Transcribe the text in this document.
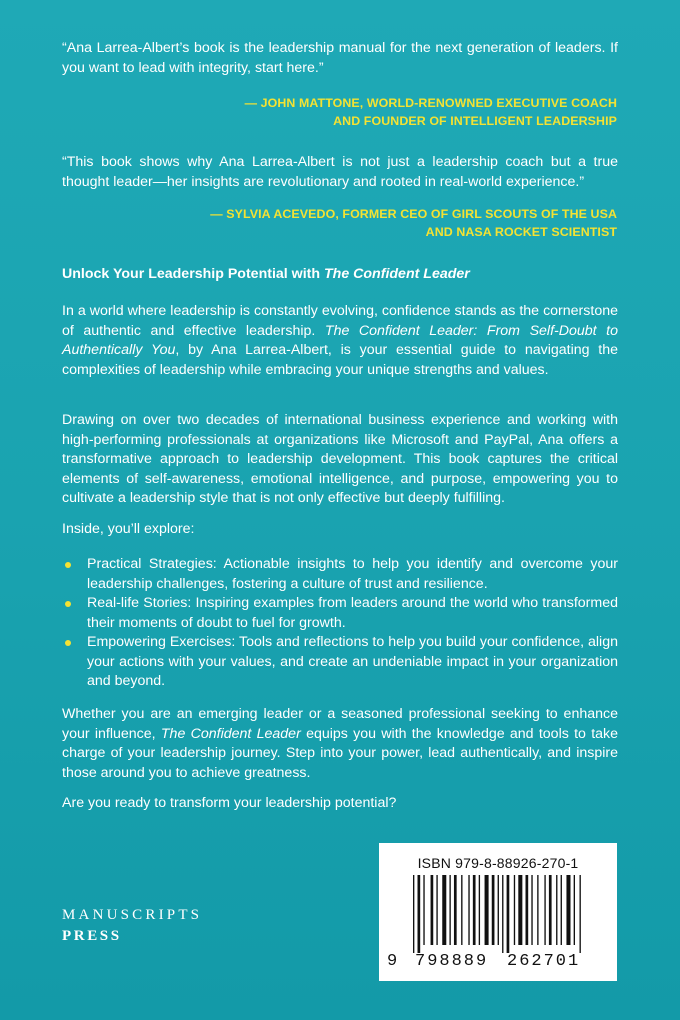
“Ana Larrea-Albert’s book is the leadership manual for the next generation of leaders. If you want to lead with integrity, start here.”
— JOHN MATTONE, WORLD-RENOWNED EXECUTIVE COACH
AND FOUNDER OF INTELLIGENT LEADERSHIP
“This book shows why Ana Larrea-Albert is not just a leadership coach but a true thought leader—her insights are revolutionary and rooted in real-world experience.”
— SYLVIA ACEVEDO, FORMER CEO OF GIRL SCOUTS OF THE USA
AND NASA ROCKET SCIENTIST
Unlock Your Leadership Potential with The Confident Leader

In a world where leadership is constantly evolving, confidence stands as the cornerstone of authentic and effective leadership. The Confident Leader: From Self-Doubt to Authentically You, by Ana Larrea-Albert, is your essential guide to navigating the complexities of leadership while embracing your unique strengths and values.

Drawing on over two decades of international business experience and working with high-performing professionals at organizations like Microsoft and PayPal, Ana offers a transformative approach to leadership development. This book captures the critical elements of self-awareness, emotional intelligence, and purpose, empowering you to cultivate a leadership style that is not only effective but deeply fulfilling.

Inside, you’ll explore:

Practical Strategies: Actionable insights to help you identify and overcome your leadership challenges, fostering a culture of trust and resilience.
Real-life Stories: Inspiring examples from leaders around the world who transformed their moments of doubt to fuel for growth.
Empowering Exercises: Tools and reflections to help you build your confidence, align your actions with your values, and create an undeniable impact in your organization and beyond.

Whether you are an emerging leader or a seasoned professional seeking to enhance your influence, The Confident Leader equips you with the knowledge and tools to take charge of your leadership journey. Step into your power, lead authentically, and inspire those around you to achieve greatness.

Are you ready to transform your leadership potential?

MANUSCRIPTS
PRESS
ISBN 979-8-88926-270-1
9 798889 262701
